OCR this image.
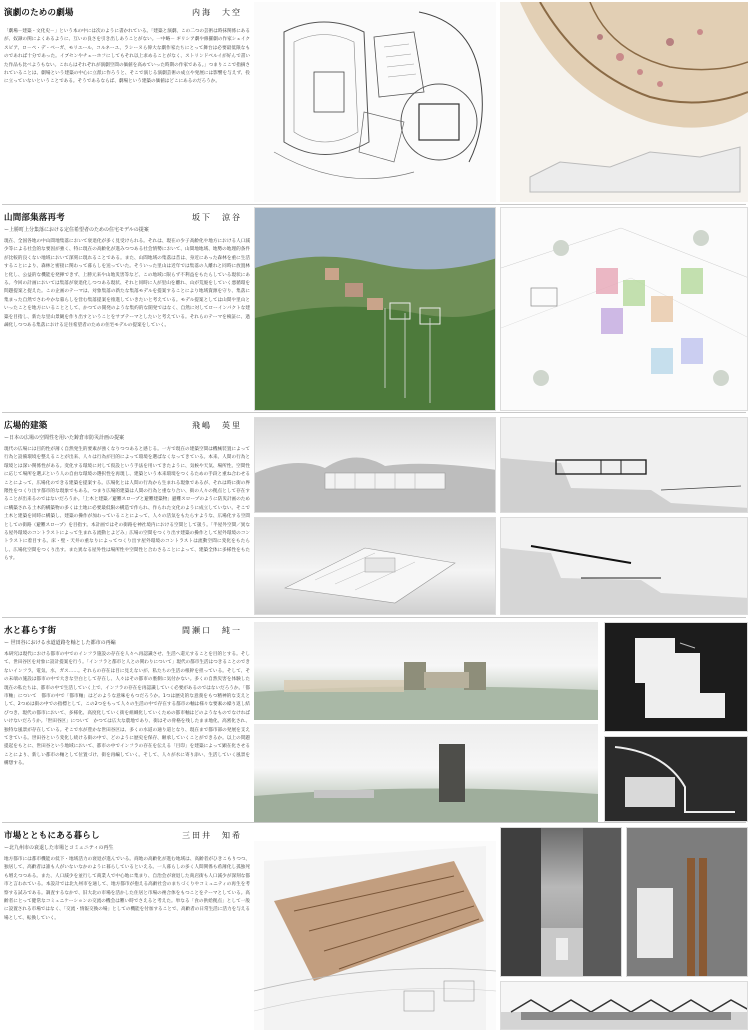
演劇のための劇場	内海　大空
「劇場－建築・文化史－」という本の中には次のように書かれている。「建築と演劇、この二つの芸術は時抹関係にあるが、奴隷の関によくあるように、互いの良さを引き出しあうことがない。一中略－ ギリシア劇や修羅劇の作家シェイクスピア、ロ－ペ・デ・ベーガ、モリエール、コルネーユ、ラシーヌら偉大な劇作家たちにとって舞台は必要最低限なものであれば十分であった。イブセンやチェーホフにしてもそれ以上求めることがなく、ストリンドベルイが好んで書いた作品も比べようもない。これらはそれぞれが演劇空間の価値を高めていった時期の作家である。」つまりここで指摘されていることは、劇場という建築の中心に立派に作ろうと、そこで演じる演劇芸術の成立や発展には影響を与えず、役に立っていないということである。そうであるならば、劇場という建築の価値はどこにあるのだろうか。
山間部集落再考	坂下　涼谷
ー上勝町上分集落における定住希望者のための住宅モデルの提案
現在、全国各地の中山間地集落において衰退化が多く見受けられる。それは、現在の少子高齢化や地方における人口減少等による社会的な要因が強く、特に現在の高齢化が進みつつある社会情勢において、山間地地域、地勢の地理的条件が比較的良くない地域において深刻に現れることである。また、山間地域の集落は昔は、身近にあった森林を重に生活することにより、森林と密接に関わって暮らしを送っていた。そういった里山は近年では集落の人離れと同時に放置林と化し、公益的な機能を発揮できず、上勝元来や山地災害等など、この地域に限らず不利益をもたらしている現状にある。今回の計画においては集落が衰退化しつつある現状、それと同時に人が里山を離れ、山が荒廃をしていく悪循環を問題提案と捉えた。この企画のテーマは、対象集落の新たな集落モデルを提案することにより地域資源を守り、集落に集まった自然でさわやかな暮らしを営む集落提案を推進していきたいと考えている。モデル提案としては山間や里山といったことを地方にいることとして、かつての開発のような集約的な開発ではなく、自然に対してローインパクトな建築を目指し、新たな里山景観を作り出すということをサブテーマとしたいと考えている。それらのテーマを検証に、過疎化しつつある集落における定住希望者のための住宅モデルの提案をしていく。
広場的建築	飛嶋　英里
ー日本の広場の空間性を用いた鋳倉市防災計画の提案
現代の広場には目的性が薄く自然発生的要素が強くなりつつあると感じる。一方で現在の建築空間は機械装置によって行為と設備環境を整えることが出来、人々は行為が目的によって環境を選ばなくなってきている。本来、人間の行為と環境とは深い関係性がある。変化する環境に対して仮設という手法を用いてきたように、気候や天気、場所性、空間性に応じて場所を選ぶという人の自由な環境の選択性を再現し、建築という本来環境をつくるための手段と重ね合わせることによって、広場化のできる建築を提案する。広場化とは人間の行為から生まれる現象であるが、それは時に街の界隈性をつくり出す都市的な現象でもある。つまり広場的建築は人間の行為と重なり合い、街の人々の拠点として存在することが出来るのではないだろうか。「上木と建築／避難スロープと避難建築物」避難スロープのように防災計画のために構築される土木的構築物の多くは土地に必要最低限の構造で作られ、作られた文化のように成立していない。そこで土木と建築を同時に構築し、建築の操作が加わっていることによって、人々の活気をもたらすような、広場化する空間としての街路（避難スロープ）を目指す。本計画ではその街路を神社境内における空間として扱う。「半屋外空間／異なる屋外環境のコントラストによって生まれる流動とよどみ」広場の空間をつくり出す建築の操作として屋外環境のコントラストに着目する。床・壁・天井の重なりによってつくり出す屋外環境のコントラストは流動空間に変化をもたらし、広場化空間をつくり出す。また異なる屋外性は場所性や空間性と合わさることによって、建築全体に多様性をもたらす。
水と暮らす街	間瀬口　純一
ー 世田谷における水道道路を軸とした都市の再編
本研究は現代における都市の中でのインフラ施設の存在を人々へ再認識させ、生活へ還元することを目的とする。そして、世田谷区を対象に設計提案を行う。「インフラと都市と人との関わりについて」現代の都市生活はつきることのできないインフラ。電気、水、ガス……。それらの存在は目に見えないが、私たちの生活の根幹を担っている。そして、その末端の施設は都市の中で大きな空白として存在し、人々はその都市の裏側に気付かない。多くの自然災害を体験した現在の私たちは、都市の中で生活していく上で、インフラの存在を再認識していく必要があるのではないだろうか。「都市軸」について　都市の中で「都市軸」はどのような意味をもつだろうか。1つは歴史的な意義をもつ精神的な支えとして、2つめは街の中での指標として、この2つをもって人々の生活の中で存在する都市の軸は様々な要素の繰り返し結びつき、現代の都市において、多様化、高度化していく街を組織化していくための都市軸はどのようなものでなければいけないだろうか。「世田谷区」について　かつては広大な農地であり、街はその骨格を残したまま地化、高密化され、独特な風景が存在している。そこで水が豊かな世田谷区は、多くの水道の通り道となり、現在まで都市部の発展を支えてきている。世田谷という変化し続ける街の中で、どのように歴史を保存、継承していくことができるか。以上の問題提起をもとに、世田谷という地域において、都市の中でインフラの存在を伝える「目印」を建築によって顕在化させることにより、新しい都市の軸として位置づけ、街を再編していく。そして、人々が水に寄り添い、生活していく風景を構想する。
市場とともにある暮らし	三田井　知希
ー北九州市の衰退した市場とコミュニティの再生
地方都市には都市機能の低下・地域活力の衰退が進んでいる。商地の高齢化が進む地域は、高齢者がひきこもりつつ、独居して、高齢者は誰も人がいないなかのように暮らしているといえる。一人暮らしの多く人間関係も希薄化し孤独死も増えつつある。また、人口減少を並行して商業人で中心地に集まり、自治会が衰退した商店街も人口減少が深刻な都市と言われている。本設計では北九州市を通して、地方都市が抱える高齢社会のまちづくりやコミュニティの再生を考察する試みである。調査するなかで、旧大北の市場を活かした住居と市場の複合体をもつことをテーマとしている。高齢者にとって健常なコミュニケーションの交流の機会は難い時でさえると考えた。単なる「食の供給拠点」として一般に設置される市場ではなく、「交流・情報交換の場」としての機能を付加することで、高齢者の日常生活に活力を与える場として、転換していく。
